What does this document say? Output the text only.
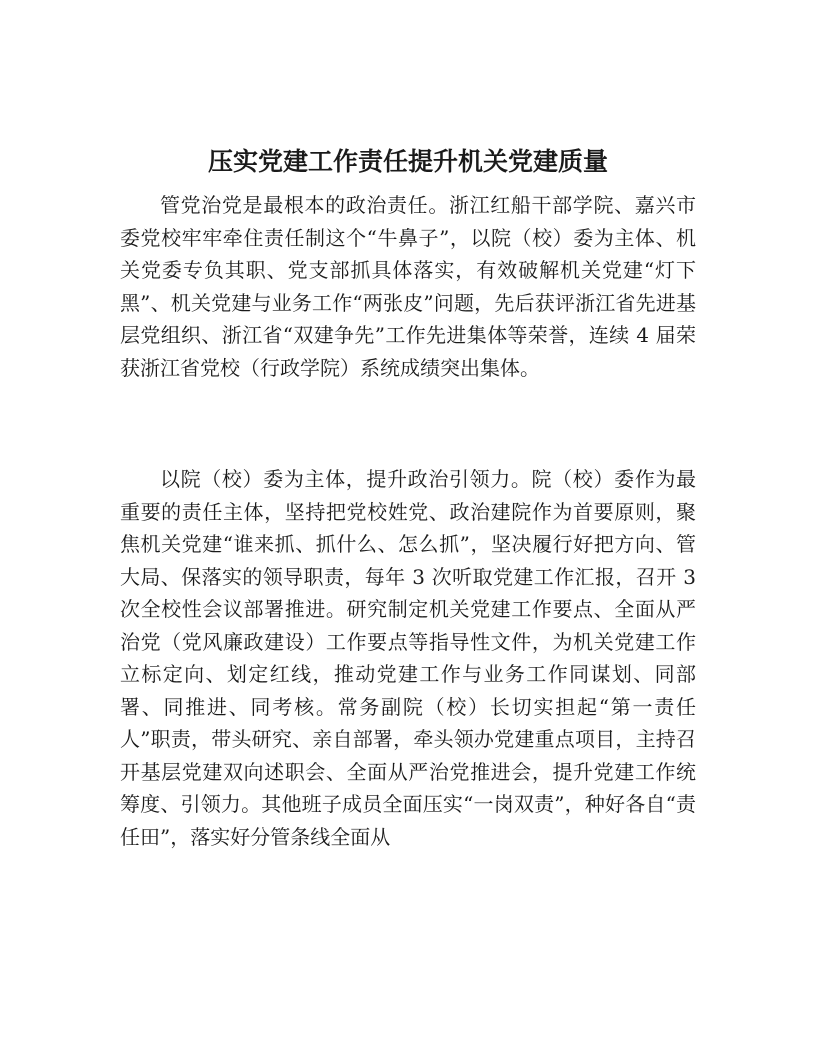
压实党建工作责任提升机关党建质量

管党治党是最根本的政治责任。浙江红船干部学院、嘉兴市委党校牢牢牵住责任制这个“牛鼻子”，以院（校）委为主体、机关党委专负其职、党支部抓具体落实，有效破解机关党建“灯下黑”、机关党建与业务工作“两张皮”问题，先后获评浙江省先进基层党组织、浙江省“双建争先”工作先进集体等荣誉，连续 4 届荣获浙江省党校（行政学院）系统成绩突出集体。

以院（校）委为主体，提升政治引领力。院（校）委作为最重要的责任主体，坚持把党校姓党、政治建院作为首要原则，聚焦机关党建“谁来抓、抓什么、怎么抓”，坚决履行好把方向、管大局、保落实的领导职责，每年 3 次听取党建工作汇报，召开 3 次全校性会议部署推进。研究制定机关党建工作要点、全面从严治党（党风廉政建设）工作要点等指导性文件，为机关党建工作立标定向、划定红线，推动党建工作与业务工作同谋划、同部署、同推进、同考核。常务副院（校）长切实担起“第一责任人”职责，带头研究、亲自部署，牵头领办党建重点项目，主持召开基层党建双向述职会、全面从严治党推进会，提升党建工作统筹度、引领力。其他班子成员全面压实“一岗双责”，种好各自“责任田”，落实好分管条线全面从
